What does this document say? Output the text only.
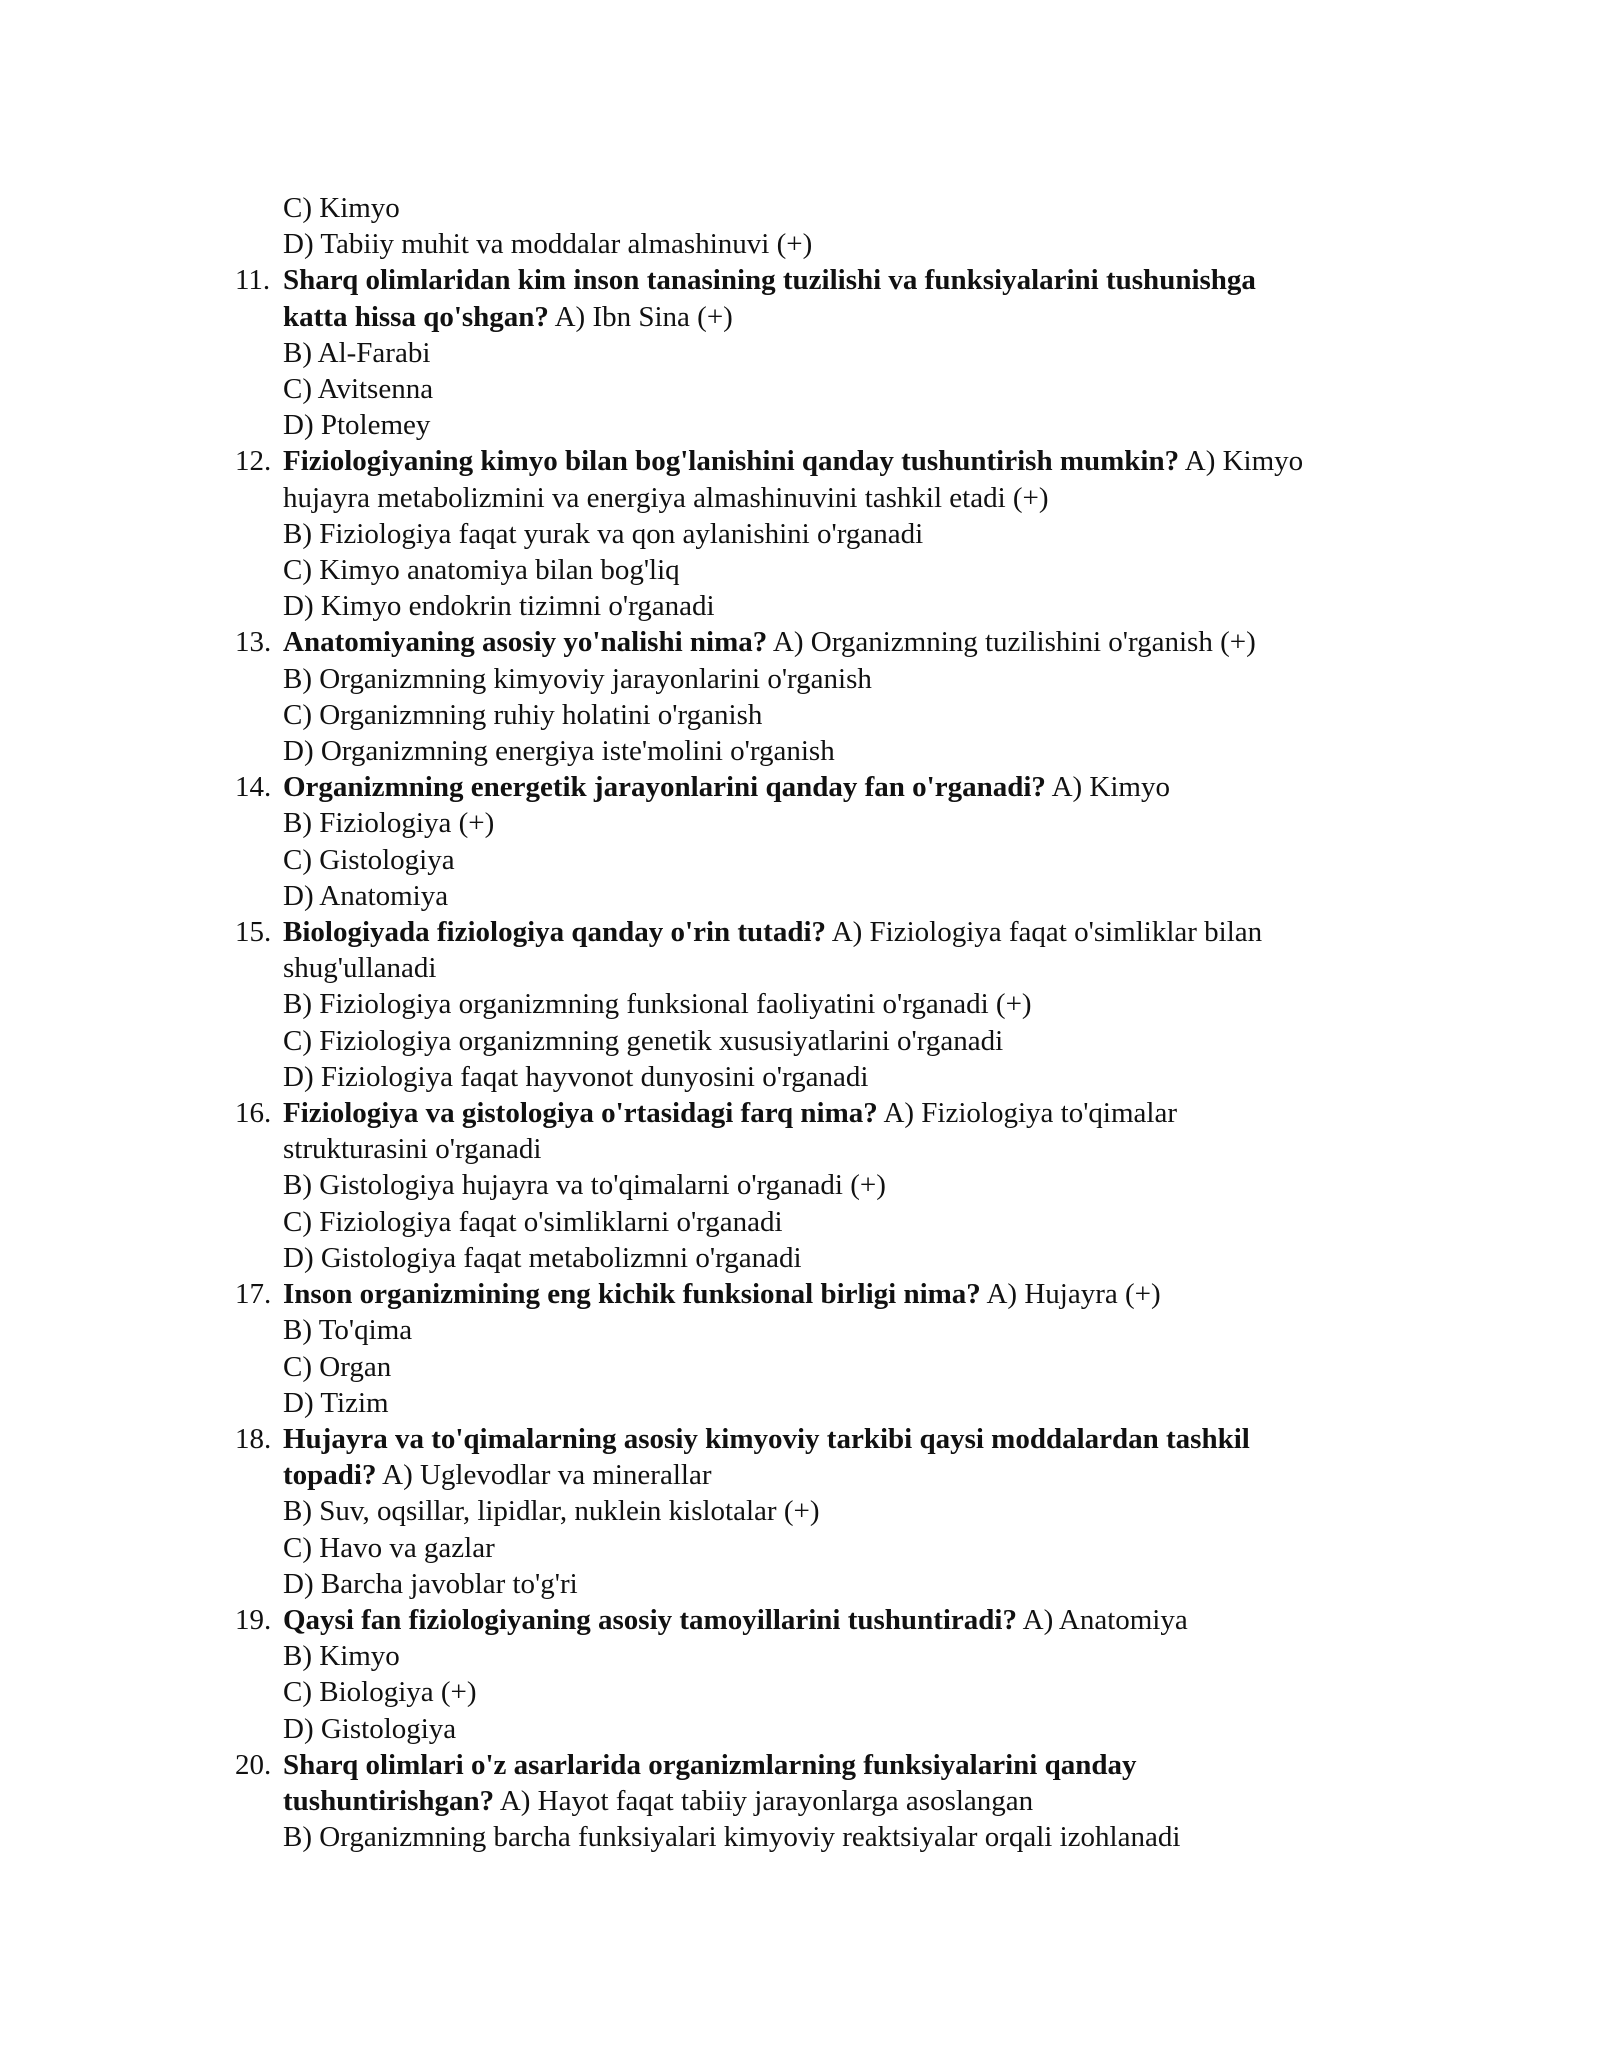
C) Kimyo
D) Tabiiy muhit va moddalar almashinuvi (+)
11. Sharq olimlaridan kim inson tanasining tuzilishi va funksiyalarini tushunishga
katta hissa qo'shgan? A) Ibn Sina (+)
B) Al-Farabi
C) Avitsenna
D) Ptolemey
12. Fiziologiyaning kimyo bilan bog'lanishini qanday tushuntirish mumkin? A) Kimyo
hujayra metabolizmini va energiya almashinuvini tashkil etadi (+)
B) Fiziologiya faqat yurak va qon aylanishini o'rganadi
C) Kimyo anatomiya bilan bog'liq
D) Kimyo endokrin tizimni o'rganadi
13. Anatomiyaning asosiy yo'nalishi nima? A) Organizmning tuzilishini o'rganish (+)
B) Organizmning kimyoviy jarayonlarini o'rganish
C) Organizmning ruhiy holatini o'rganish
D) Organizmning energiya iste'molini o'rganish
14. Organizmning energetik jarayonlarini qanday fan o'rganadi? A) Kimyo
B) Fiziologiya (+)
C) Gistologiya
D) Anatomiya
15. Biologiyada fiziologiya qanday o'rin tutadi? A) Fiziologiya faqat o'simliklar bilan
shug'ullanadi
B) Fiziologiya organizmning funksional faoliyatini o'rganadi (+)
C) Fiziologiya organizmning genetik xususiyatlarini o'rganadi
D) Fiziologiya faqat hayvonot dunyosini o'rganadi
16. Fiziologiya va gistologiya o'rtasidagi farq nima? A) Fiziologiya to'qimalar
strukturasini o'rganadi
B) Gistologiya hujayra va to'qimalarni o'rganadi (+)
C) Fiziologiya faqat o'simliklarni o'rganadi
D) Gistologiya faqat metabolizmni o'rganadi
17. Inson organizmining eng kichik funksional birligi nima? A) Hujayra (+)
B) To'qima
C) Organ
D) Tizim
18. Hujayra va to'qimalarning asosiy kimyoviy tarkibi qaysi moddalardan tashkil
topadi? A) Uglevodlar va minerallar
B) Suv, oqsillar, lipidlar, nuklein kislotalar (+)
C) Havo va gazlar
D) Barcha javoblar to'g'ri
19. Qaysi fan fiziologiyaning asosiy tamoyillarini tushuntiradi? A) Anatomiya
B) Kimyo
C) Biologiya (+)
D) Gistologiya
20. Sharq olimlari o'z asarlarida organizmlarning funksiyalarini qanday
tushuntirishgan? A) Hayot faqat tabiiy jarayonlarga asoslangan
B) Organizmning barcha funksiyalari kimyoviy reaktsiyalar orqali izohlanadi
